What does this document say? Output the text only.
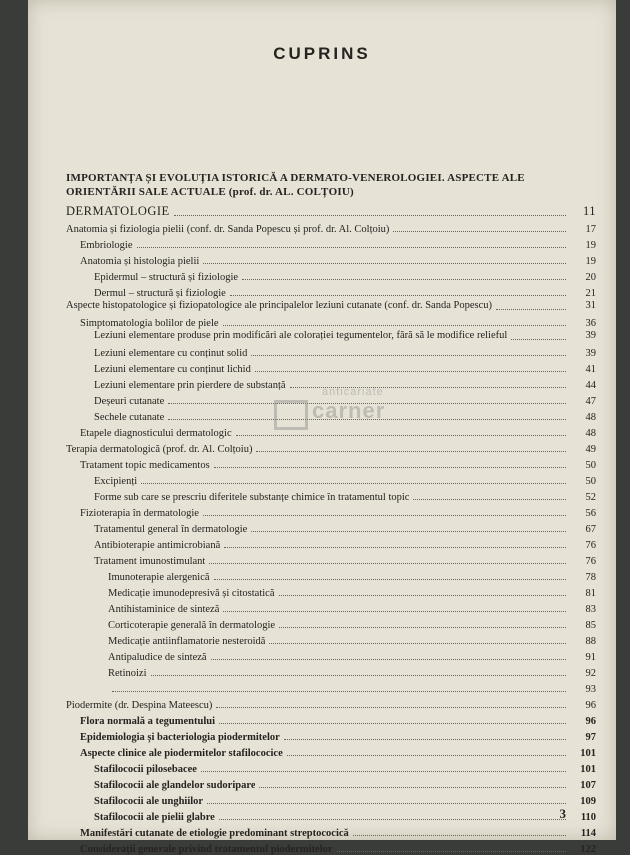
CUPRINS
IMPORTANȚA ȘI EVOLUȚIA ISTORICĂ A DERMATO-VENEROLOGIEI. ASPECTE ALE ORIENTĂRII SALE ACTUALE (prof. dr. AL. COLȚOIU)
DERMATOLOGIE	11
Anatomia și fiziologia pielii (conf. dr. Sanda Popescu și prof. dr. Al. Colțoiu)	17
Embriologie	19
Anatomia și histologia pielii	19
Epidermul – structură și fiziologie	20
Dermul – structură și fiziologie	21
Aspecte histopatologice și fiziopatologice ale principalelor leziuni cutanate (conf. dr. Sanda Popescu)	31
Simptomatologia bolilor de piele	36
Leziuni elementare produse prin modificări ale colorației tegumentelor, fără să le modifice relieful	39
Leziuni elementare cu conținut solid	39
Leziuni elementare cu conținut lichid	41
Leziuni elementare prin pierdere de substanță	44
Deșeuri cutanate	47
Sechele cutanate	48
Etapele diagnosticului dermatologic	48
Terapia dermatologică (prof. dr. Al. Colțoiu)	49
Tratament topic medicamentos	50
Excipienți	50
Forme sub care se prescriu diferitele substanțe chimice în tratamentul topic	52
Fizioterapia în dermatologie	56
Tratamentul general în dermatologie	67
Antibioterapie antimicrobiană	76
Tratament imunostimulant	76
Imunoterapie alergenică	78
Medicație imunodepresivă și citostatică	81
Antihistaminice de sinteză	83
Corticoterapie generală în dermatologie	85
Medicație antiinflamatorie nesteroidă	88
Antipaludice de sinteză	91
Retinoizi	92
93
Piodermite (dr. Despina Mateescu)	96
Flora normală a tegumentului	96
Epidemiologia și bacteriologia piodermitelor	97
Aspecte clinice ale piodermitelor stafilococice	101
Stafilococii pilosebacee	101
Stafilococii ale glandelor sudoripare	107
Stafilococii ale unghiilor	109
Stafilococii ale pielii glabre	110
Manifestări cutanate de etiologie predominant streptococică	114
Considerații generale privind tratamentul piodermitelor	122
anticariate
carner
3
